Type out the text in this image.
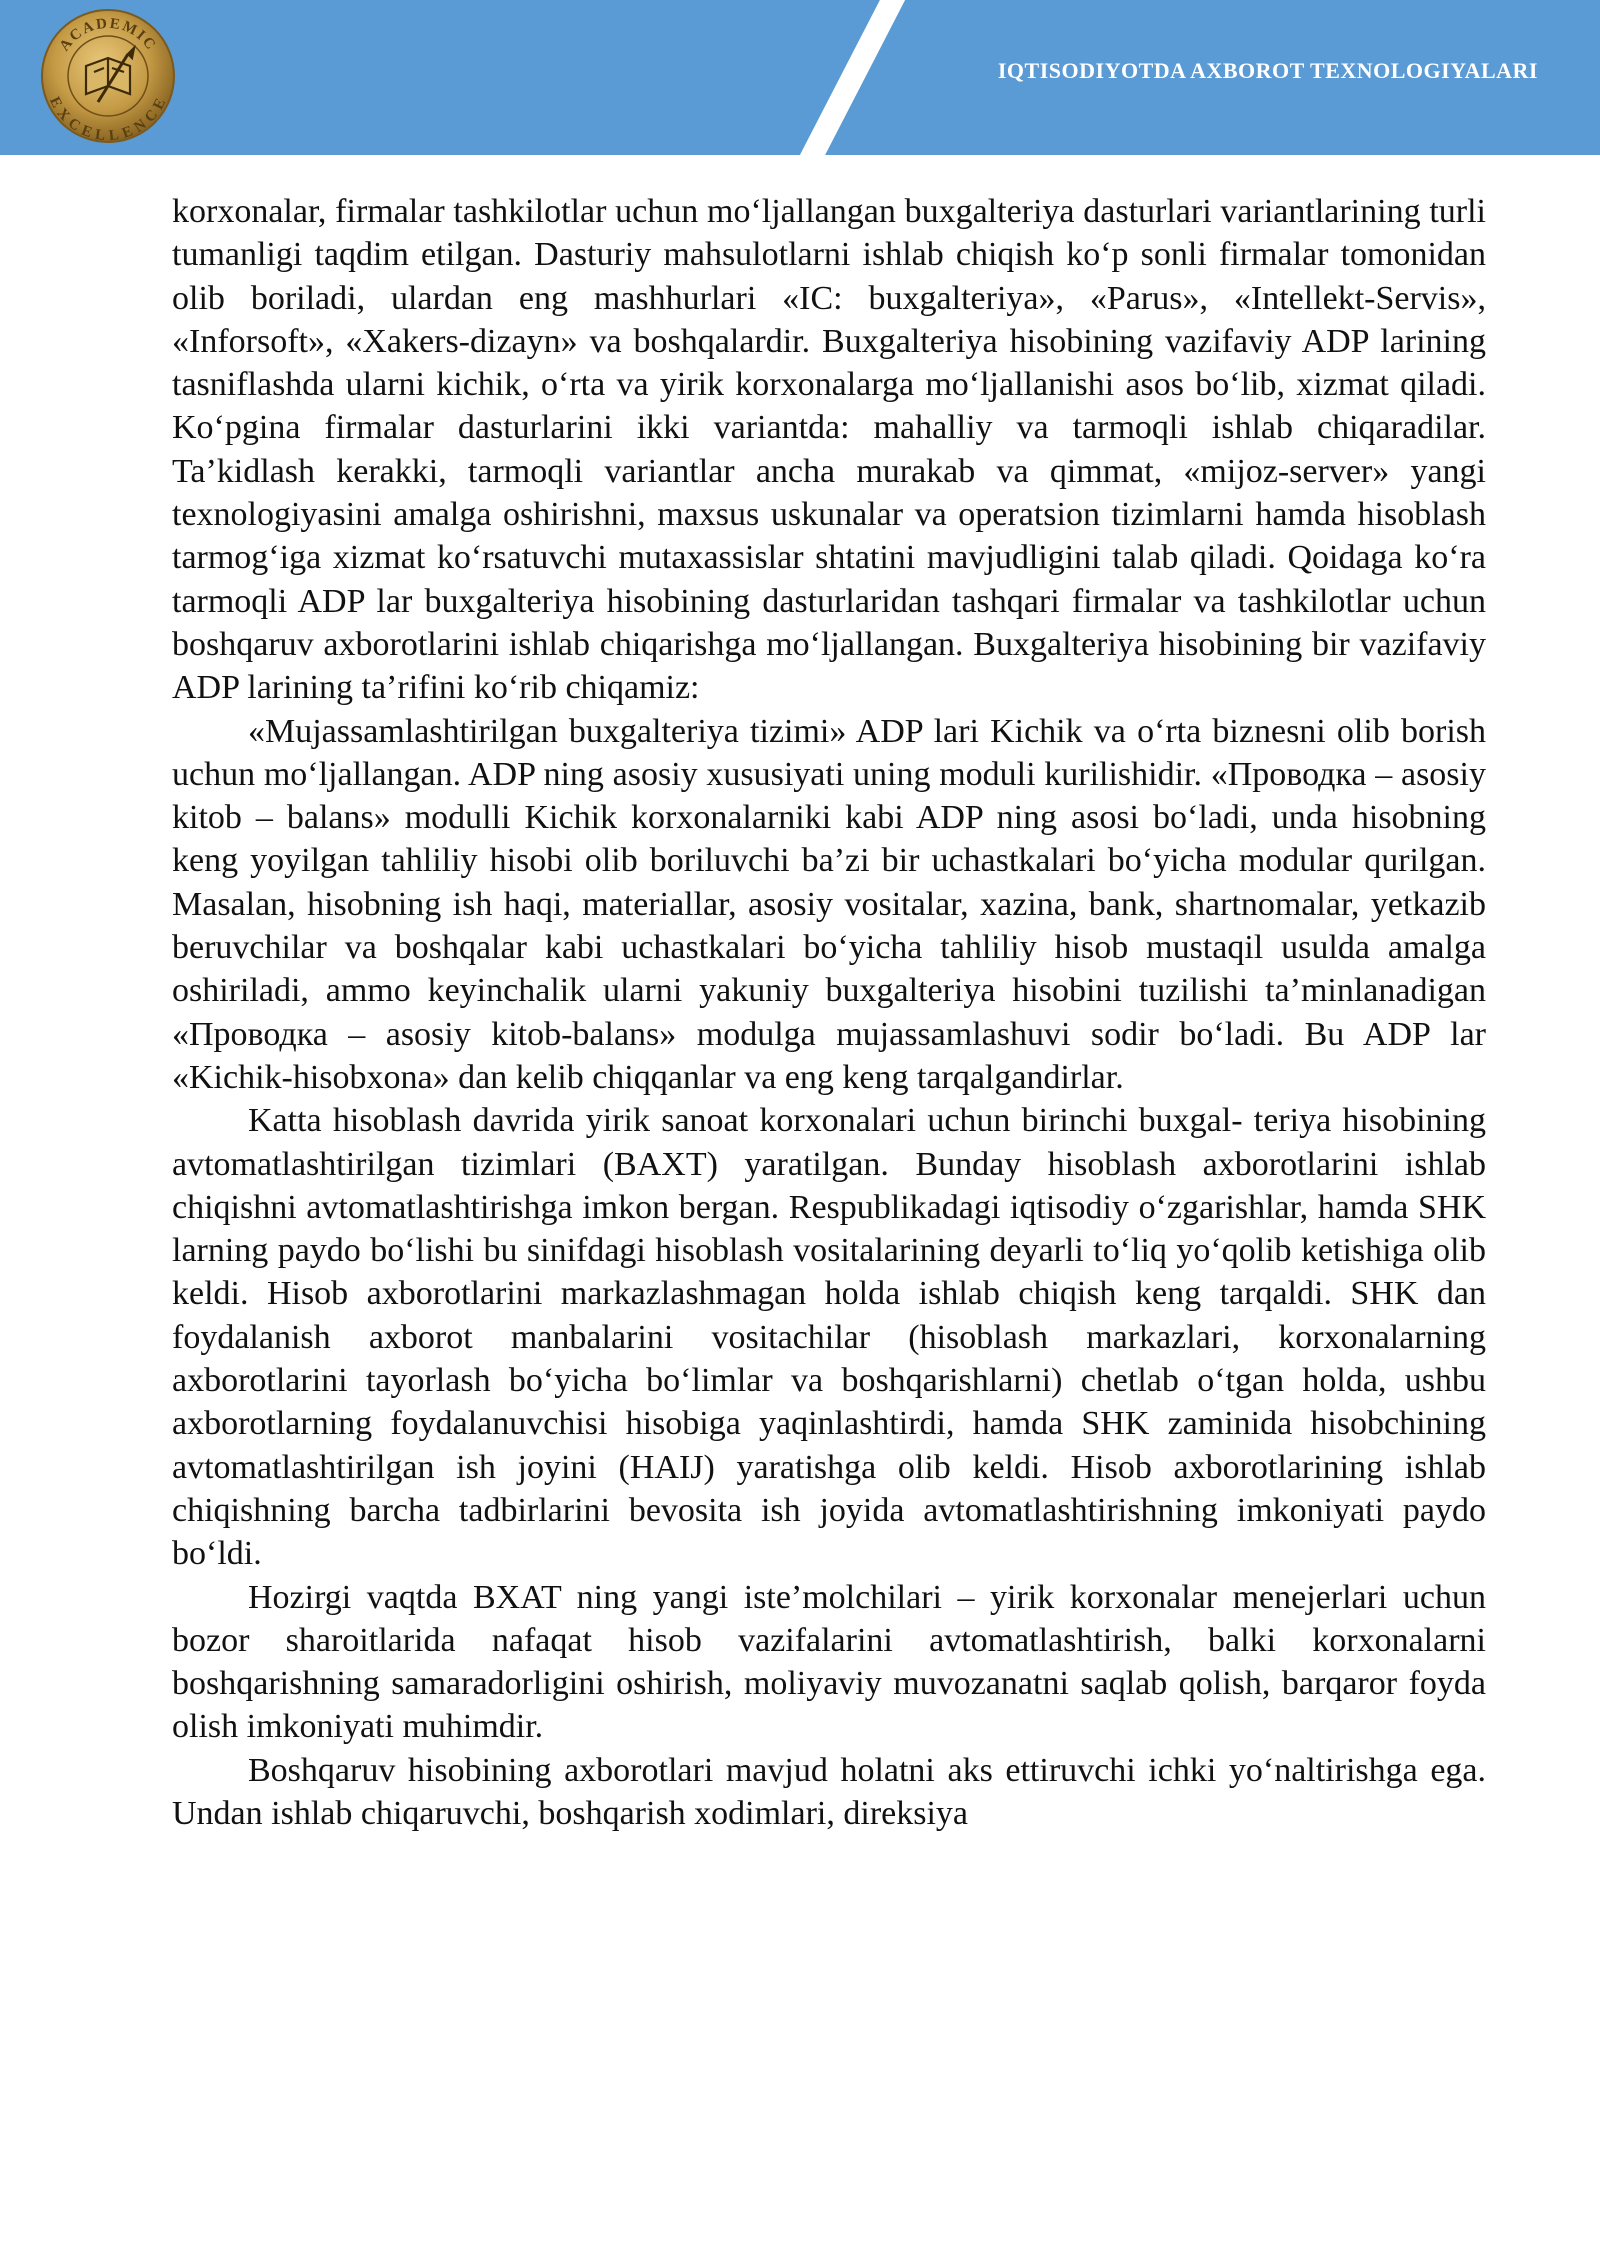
ACADEMIC
EXCELLENCE
IQTISODIYOTDA AXBOROT TEXNOLOGIYALARI

korxonalar, firmalar tashkilotlar uchun mo‘ljallangan buxgalteriya dasturlari variantlarining turli tumanligi taqdim etilgan. Dasturiy mahsulotlarni ishlab chiqish ko‘p sonli firmalar tomonidan olib boriladi, ulardan eng mashhurlari «IC: buxgalteriya», «Parus», «Intellekt-Servis», «Inforsoft», «Xakers-dizayn» va boshqalardir. Buxgalteriya hisobining vazifaviy ADP larining tasniflashda ularni kichik, o‘rta va yirik korxonalarga mo‘ljallanishi asos bo‘lib, xizmat qiladi. Ko‘pgina firmalar dasturlarini ikki variantda: mahalliy va tarmoqli ishlab chiqaradilar. Ta’kidlash kerakki, tarmoqli variantlar ancha murakab va qimmat, «mijoz-server» yangi texnologiyasini amalga oshirishni, maxsus uskunalar va operatsion tizimlarni hamda hisoblash tarmog‘iga xizmat ko‘rsatuvchi mutaxassislar shtatini mavjudligini talab qiladi. Qoidaga ko‘ra tarmoqli ADP lar buxgalteriya hisobining dasturlaridan tashqari firmalar va tashkilotlar uchun boshqaruv axborotlarini ishlab chiqarishga mo‘ljallangan. Buxgalteriya hisobining bir vazifaviy ADP larining ta’rifini ko‘rib chiqamiz:

«Mujassamlashtirilgan buxgalteriya tizimi» ADP lari Kichik va o‘rta biznesni olib borish uchun mo‘ljallangan. ADP ning asosiy xususiyati uning moduli kurilishidir. «Проводка – asosiy kitob – balans» modulli Kichik korxonalarniki kabi ADP ning asosi bo‘ladi, unda hisobning keng yoyilgan tahliliy hisobi olib boriluvchi ba’zi bir uchastkalari bo‘yicha modular qurilgan. Masalan, hisobning ish haqi, materiallar, asosiy vositalar, xazina, bank, shartnomalar, yetkazib beruvchilar va boshqalar kabi uchastkalari bo‘yicha tahliliy hisob mustaqil usulda amalga oshiriladi, ammo keyinchalik ularni yakuniy buxgalteriya hisobini tuzilishi ta’minlanadigan «Проводка – asosiy kitob-balans» modulga mujassamlashuvi sodir bo‘ladi. Bu ADP lar «Kichik-hisobxona» dan kelib chiqqanlar va eng keng tarqalgandirlar.

Katta hisoblash davrida yirik sanoat korxonalari uchun birinchi buxgal- teriya hisobining avtomatlashtirilgan tizimlari (BAXT) yaratilgan. Bunday hisoblash axborotlarini ishlab chiqishni avtomatlashtirishga imkon bergan. Respublikadagi iqtisodiy o‘zgarishlar, hamda SHK larning paydo bo‘lishi bu sinifdagi hisoblash vositalarining deyarli to‘liq yo‘qolib ketishiga olib keldi. Hisob axborotlarini markazlashmagan holda ishlab chiqish keng tarqaldi. SHK dan foydalanish axborot manbalarini vositachilar (hisoblash markazlari, korxonalarning axborotlarini tayorlash bo‘yicha bo‘limlar va boshqarishlarni) chetlab o‘tgan holda, ushbu axborotlarning foydalanuvchisi hisobiga yaqinlashtirdi, hamda SHK zaminida hisobchining avtomatlashtirilgan ish joyini (HAIJ) yaratishga olib keldi. Hisob axborotlarining ishlab chiqishning barcha tadbirlarini bevosita ish joyida avtomatlashtirishning imkoniyati paydo bo‘ldi.

Hozirgi vaqtda BXAT ning yangi iste’molchilari – yirik korxonalar menejerlari uchun bozor sharoitlarida nafaqat hisob vazifalarini avtomatlashtirish, balki korxonalarni boshqarishning samaradorligini oshirish, moliyaviy muvozanatni saqlab qolish, barqaror foyda olish imkoniyati muhimdir.

Boshqaruv hisobining axborotlari mavjud holatni aks ettiruvchi ichki yo‘naltirishga ega. Undan ishlab chiqaruvchi, boshqarish xodimlari, direksiya
